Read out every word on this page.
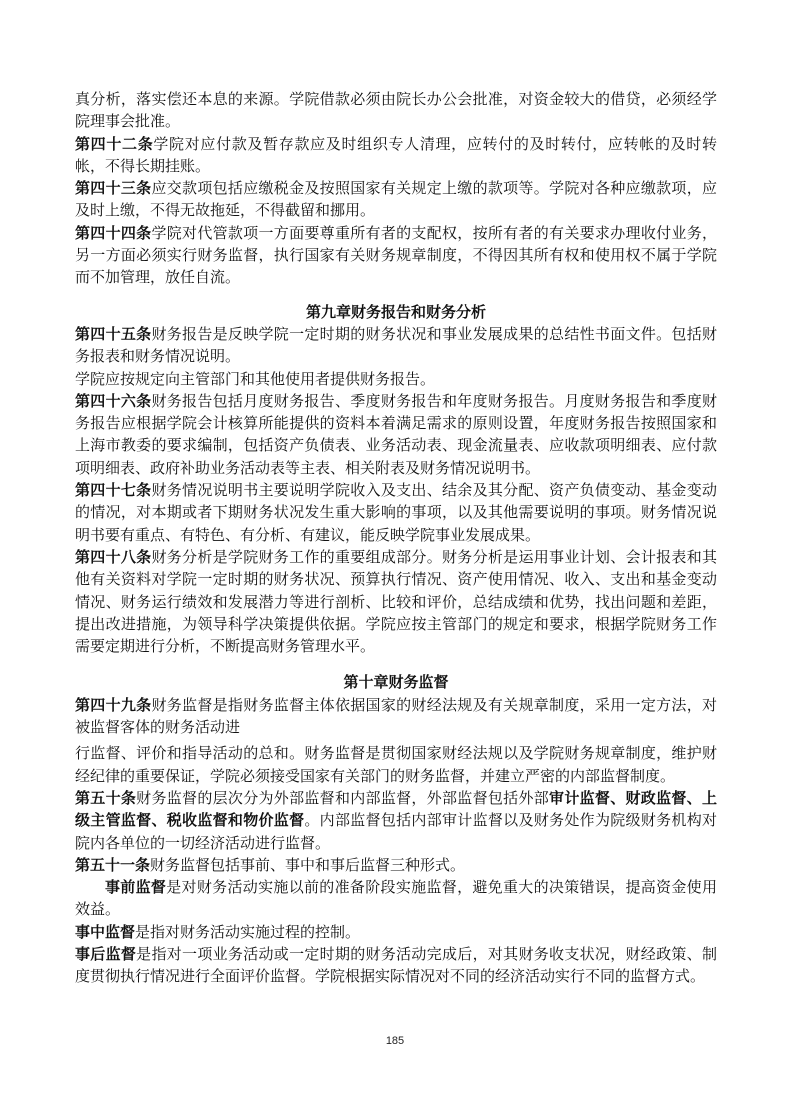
真分析，落实偿还本息的来源。学院借款必须由院长办公会批准，对资金较大的借贷，必须经学院理事会批准。

第四十二条学院对应付款及暂存款应及时组织专人清理，应转付的及时转付，应转帐的及时转帐，不得长期挂账。

第四十三条应交款项包括应缴税金及按照国家有关规定上缴的款项等。学院对各种应缴款项，应及时上缴，不得无故拖延，不得截留和挪用。

第四十四条学院对代管款项一方面要尊重所有者的支配权，按所有者的有关要求办理收付业务，另一方面必须实行财务监督，执行国家有关财务规章制度，不得因其所有权和使用权不属于学院而不加管理，放任自流。

第九章财务报告和财务分析

第四十五条财务报告是反映学院一定时期的财务状况和事业发展成果的总结性书面文件。包括财务报表和财务情况说明。

学院应按规定向主管部门和其他使用者提供财务报告。

第四十六条财务报告包括月度财务报告、季度财务报告和年度财务报告。月度财务报告和季度财务报告应根据学院会计核算所能提供的资料本着满足需求的原则设置，年度财务报告按照国家和上海市教委的要求编制，包括资产负债表、业务活动表、现金流量表、应收款项明细表、应付款项明细表、政府补助业务活动表等主表、相关附表及财务情况说明书。

第四十七条财务情况说明书主要说明学院收入及支出、结余及其分配、资产负债变动、基金变动的情况，对本期或者下期财务状况发生重大影响的事项，以及其他需要说明的事项。财务情况说明书要有重点、有特色、有分析、有建议，能反映学院事业发展成果。

第四十八条财务分析是学院财务工作的重要组成部分。财务分析是运用事业计划、会计报表和其他有关资料对学院一定时期的财务状况、预算执行情况、资产使用情况、收入、支出和基金变动情况、财务运行绩效和发展潜力等进行剖析、比较和评价，总结成绩和优势，找出问题和差距，提出改进措施，为领导科学决策提供依据。学院应按主管部门的规定和要求，根据学院财务工作需要定期进行分析，不断提高财务管理水平。

第十章财务监督

第四十九条财务监督是指财务监督主体依据国家的财经法规及有关规章制度，采用一定方法，对被监督客体的财务活动进

行监督、评价和指导活动的总和。财务监督是贯彻国家财经法规以及学院财务规章制度，维护财经纪律的重要保证，学院必须接受国家有关部门的财务监督，并建立严密的内部监督制度。

第五十条财务监督的层次分为外部监督和内部监督，外部监督包括外部审计监督、财政监督、上级主管监督、税收监督和物价监督。内部监督包括内部审计监督以及财务处作为院级财务机构对院内各单位的一切经济活动进行监督。

第五十一条财务监督包括事前、事中和事后监督三种形式。

事前监督是对财务活动实施以前的准备阶段实施监督，避免重大的决策错误，提高资金使用效益。

事中监督是指对财务活动实施过程的控制。

事后监督是指对一项业务活动或一定时期的财务活动完成后，对其财务收支状况，财经政策、制度贯彻执行情况进行全面评价监督。学院根据实际情况对不同的经济活动实行不同的监督方式。

185
